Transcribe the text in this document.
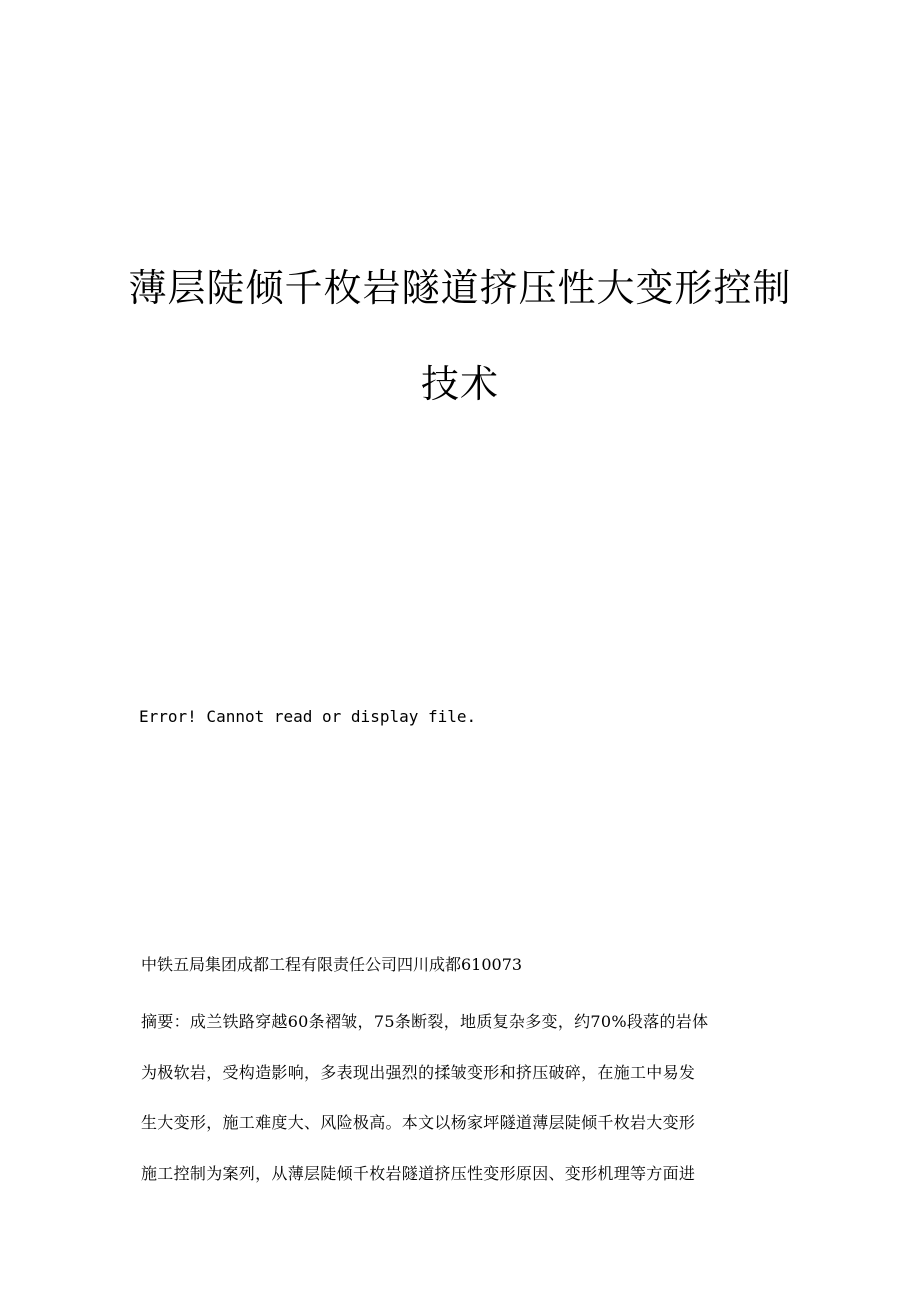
薄层陡倾千枚岩隧道挤压性大变形控制
技术
Error! Cannot read or display file.
中铁五局集团成都工程有限责任公司四川成都610073
摘要：成兰铁路穿越60条褶皱，75条断裂，地质复杂多变，约70%段落的岩体
为极软岩，受构造影响，多表现出强烈的揉皱变形和挤压破碎，在施工中易发
生大变形，施工难度大、风险极高。本文以杨家坪隧道薄层陡倾千枚岩大变形
施工控制为案列，从薄层陡倾千枚岩隧道挤压性变形原因、变形机理等方面进
